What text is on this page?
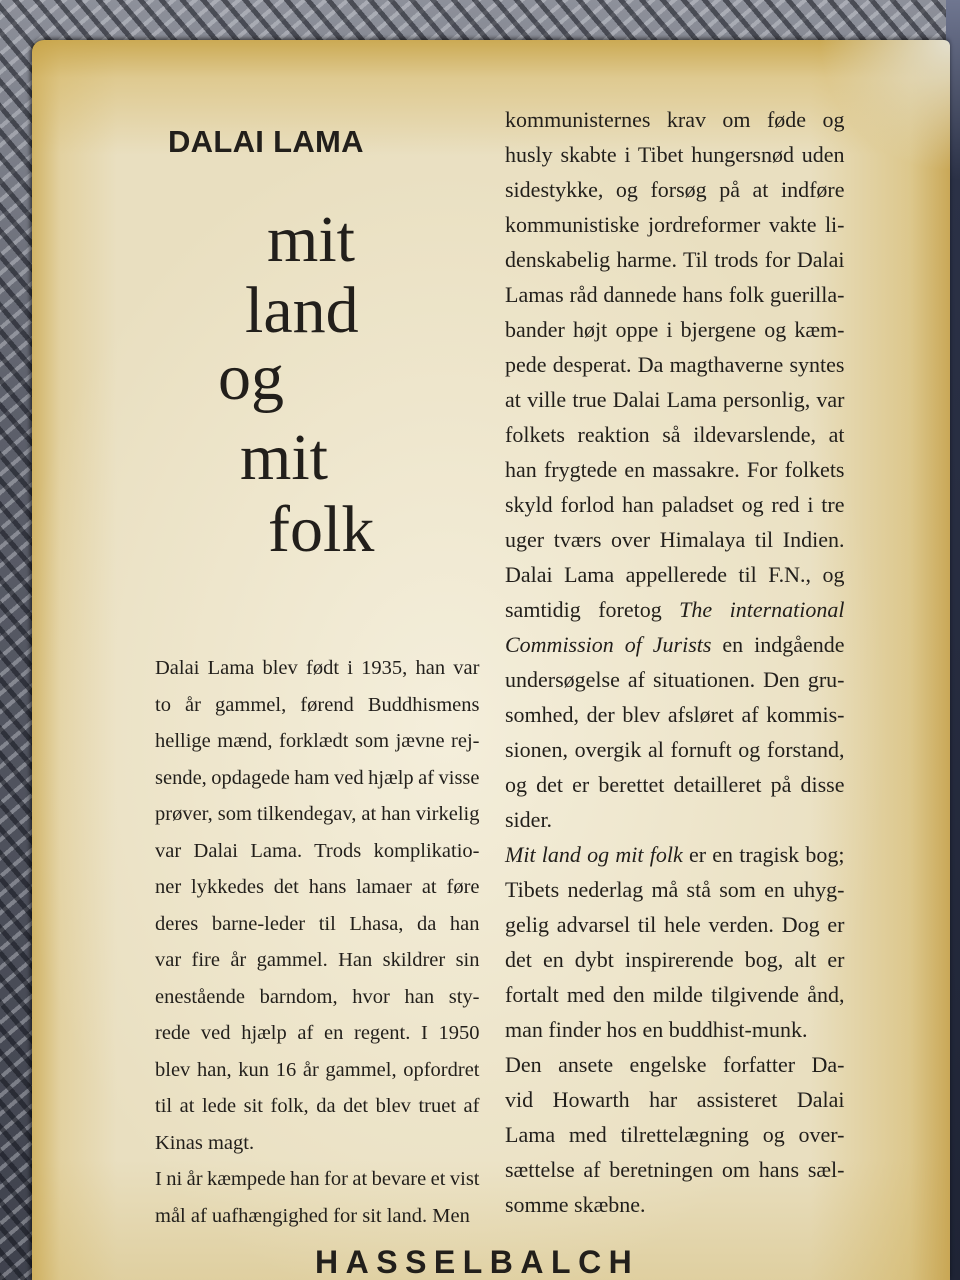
DALAI LAMA
mit
land
og
mit
folk
Dalai Lama blev født i 1935, han var
to år gammel, førend Buddhismens
hellige mænd, forklædt som jævne rej-
sende, opdagede ham ved hjælp af visse
prøver, som tilkendegav, at han virkelig
var Dalai Lama. Trods komplikatio-
ner lykkedes det hans lamaer at føre
deres barne-leder til Lhasa, da han
var fire år gammel. Han skildrer sin
enestående barndom, hvor han sty-
rede ved hjælp af en regent. I 1950
blev han, kun 16 år gammel, opfordret
til at lede sit folk, da det blev truet af
Kinas magt.
I ni år kæmpede han for at bevare et vist
mål af uafhængighed for sit land. Men
kommunisternes krav om føde og
husly skabte i Tibet hungersnød uden
sidestykke, og forsøg på at indføre
kommunistiske jordreformer vakte li-
denskabelig harme. Til trods for Dalai
Lamas råd dannede hans folk guerilla-
bander højt oppe i bjergene og kæm-
pede desperat. Da magthaverne syntes
at ville true Dalai Lama personlig, var
folkets reaktion så ildevarslende, at
han frygtede en massakre. For folkets
skyld forlod han paladset og red i tre
uger tværs over Himalaya til Indien.
Dalai Lama appellerede til F.N., og
samtidig foretog The international
Commission of Jurists en indgående
undersøgelse af situationen. Den gru-
somhed, der blev afsløret af kommis-
sionen, overgik al fornuft og forstand,
og det er berettet detailleret på disse
sider.
Mit land og mit folk er en tragisk bog;
Tibets nederlag må stå som en uhyg-
gelig advarsel til hele verden. Dog er
det en dybt inspirerende bog, alt er
fortalt med den milde tilgivende ånd,
man finder hos en buddhist-munk.
Den ansete engelske forfatter Da-
vid Howarth har assisteret Dalai
Lama med tilrettelægning og over-
sættelse af beretningen om hans sæl-
somme skæbne.
HASSELBALCH
